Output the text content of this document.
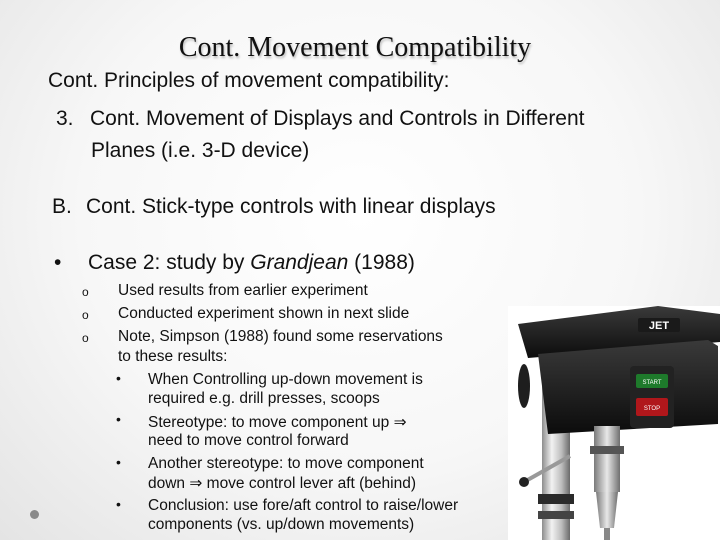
Cont. Movement Compatibility
Cont. Principles of movement compatibility:
3. Cont. Movement of Displays and Controls in Different
Planes (i.e. 3-D device)
B. Cont. Stick-type controls with linear displays
• Case 2: study by Grandjean (1988)
o Used results from earlier experiment
o Conducted experiment shown in next slide
o Note, Simpson (1988) found some reservations
to these results:
• When Controlling up-down movement is
required e.g. drill presses, scoops
• Stereotype: to move component up ⇒
need to move control forward
• Another stereotype: to move component
down ⇒ move control lever aft (behind)
• Conclusion: use fore/aft control to raise/lower
components (vs. up/down movements)
JET
START
STOP
